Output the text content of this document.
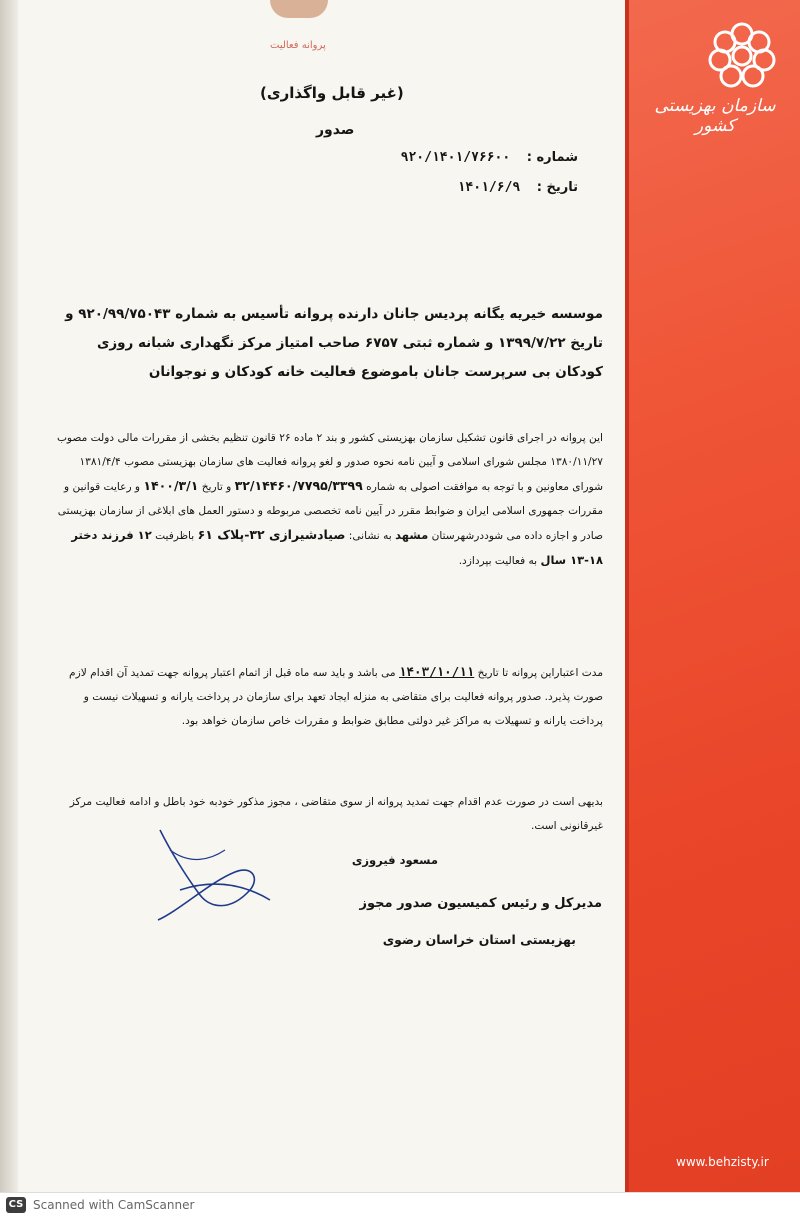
پروانه فعالیت
سازمان بهزیستی کشور
www.behzisty.ir
(غیر قابل واگذاری)
صدور
شماره : ۹۲۰/۱۴۰۱/۷۶۶۰۰
تاریخ : ۱۴۰۱/۶/۹
موسسه خیریه یگانه پردیس جانان دارنده پروانه تأسیس به شماره ۹۲۰/۹۹/۷۵۰۴۳ و تاریخ ۱۳۹۹/۷/۲۲ و شماره ثبتی ۶۷۵۷ صاحب امتیاز مرکز نگهداری شبانه روزی کودکان بی سرپرست جانان باموضوع فعالیت خانه کودکان و نوجوانان
این پروانه در اجرای قانون تشکیل سازمان بهزیستی کشور و بند ۲ ماده ۲۶ قانون تنظیم بخشی از مقررات مالی دولت مصوب ۱۳۸۰/۱۱/۲۷ مجلس شورای اسلامی و آیین نامه نحوه صدور و لغو پروانه فعالیت های سازمان بهزیستی مصوب ۱۳۸۱/۴/۴ شورای معاونین و با توجه به موافقت اصولی به شماره ۳۲/۱۴۴۶۰/۷۷۹۵/۳۳۹۹ و تاریخ ۱۴۰۰/۳/۱ و رعایت قوانین و مقررات جمهوری اسلامی ایران و ضوابط مقرر در آیین نامه تخصصی مربوطه و دستور العمل های ابلاغی از سازمان بهزیستی صادر و اجازه داده می شوددرشهرستان مشهد به نشانی: صیادشیرازی ۳۲-پلاک ۶۱ باظرفیت ۱۲ فرزند دختر ۱۸-۱۳ سال به فعالیت بپردازد.
مدت اعتباراین پروانه تا تاریخ ۱۴۰۳/۱۰/۱۱ می باشد و باید سه ماه قبل از اتمام اعتبار پروانه جهت تمدید آن اقدام لازم صورت پذیرد. صدور پروانه فعالیت برای متقاضی به منزله ایجاد تعهد برای سازمان در پرداخت یارانه و تسهیلات نیست و پرداخت یارانه و تسهیلات به مراکز غیر دولتی مطابق ضوابط و مقررات خاص سازمان خواهد بود.
بدیهی است در صورت عدم اقدام جهت تمدید پروانه از سوی متقاضی ، مجوز مذکور خودبه خود باطل و ادامه فعالیت مرکز غیرقانونی است.
مسعود فیروزی
مدیرکل و رئیس کمیسیون صدور مجوز
بهزیستی استان خراسان رضوی
CS Scanned with CamScanner
